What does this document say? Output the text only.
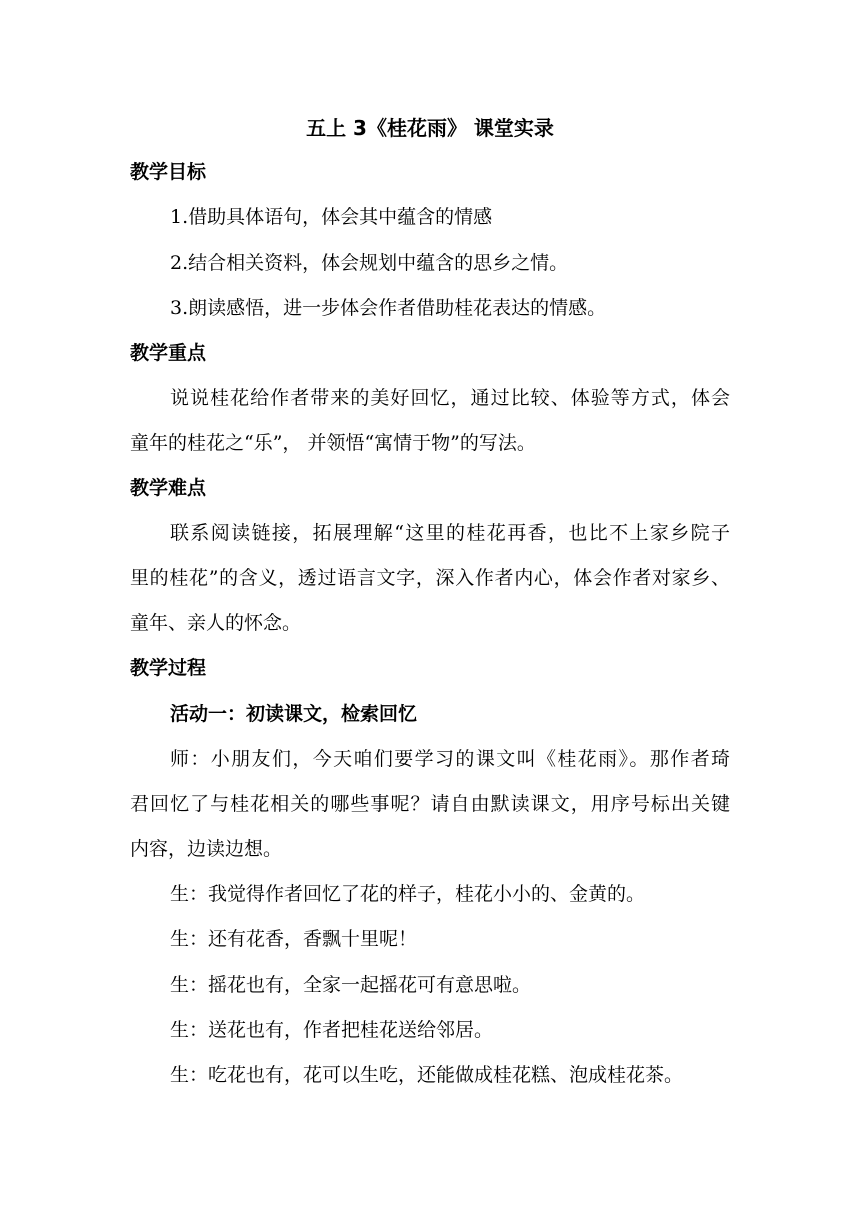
五上 3《桂花雨》 课堂实录
教学目标
1.借助具体语句，体会其中蕴含的情感
2.结合相关资料，体会规划中蕴含的思乡之情。
3.朗读感悟，进一步体会作者借助桂花表达的情感。
教学重点
说说桂花给作者带来的美好回忆，通过比较、体验等方式，体会
童年的桂花之“乐”， 并领悟“寓情于物”的写法。
教学难点
联系阅读链接，拓展理解“这里的桂花再香，也比不上家乡院子
里的桂花”的含义，透过语言文字，深入作者内心，体会作者对家乡、
童年、亲人的怀念。
教学过程
活动一：初读课文，检索回忆
师：小朋友们，今天咱们要学习的课文叫《桂花雨》。那作者琦
君回忆了与桂花相关的哪些事呢？请自由默读课文，用序号标出关键
内容，边读边想。
生：我觉得作者回忆了花的样子，桂花小小的、金黄的。
生：还有花香，香飘十里呢！
生：摇花也有，全家一起摇花可有意思啦。
生：送花也有，作者把桂花送给邻居。
生：吃花也有，花可以生吃，还能做成桂花糕、泡成桂花茶。
